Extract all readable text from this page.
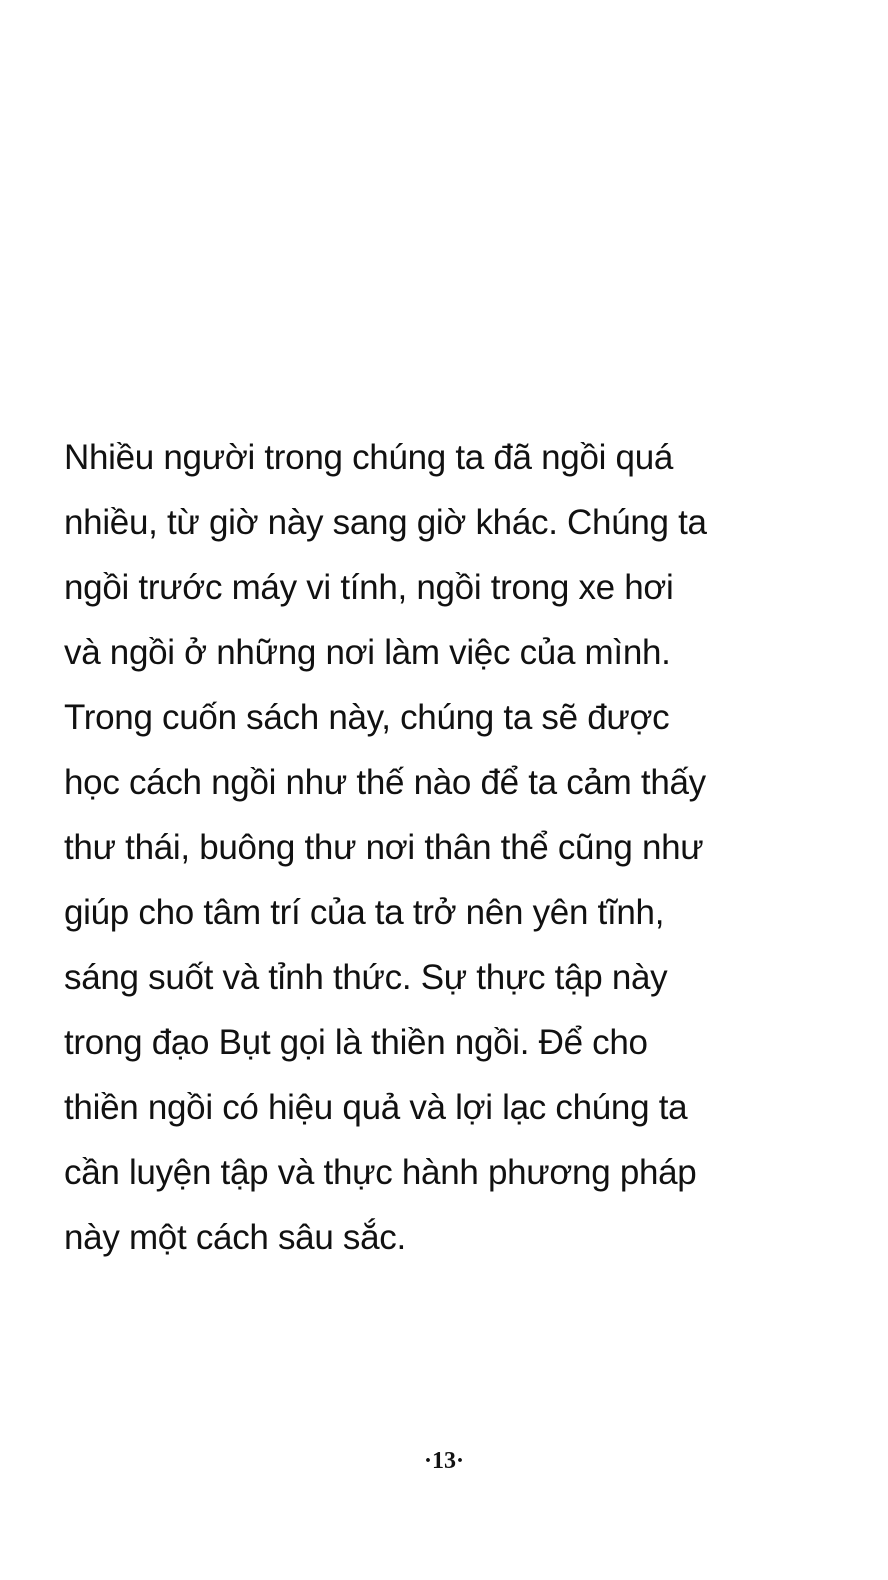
Nhiều người trong chúng ta đã ngồi quá
nhiều, từ giờ này sang giờ khác. Chúng ta
ngồi trước máy vi tính, ngồi trong xe hơi
và ngồi ở những nơi làm việc của mình.
Trong cuốn sách này, chúng ta sẽ được
học cách ngồi như thế nào để ta cảm thấy
thư thái, buông thư nơi thân thể cũng như
giúp cho tâm trí của ta trở nên yên tĩnh,
sáng suốt và tỉnh thức. Sự thực tập này
trong đạo Bụt gọi là thiền ngồi. Để cho
thiền ngồi có hiệu quả và lợi lạc chúng ta
cần luyện tập và thực hành phương pháp
này một cách sâu sắc.
·13·
